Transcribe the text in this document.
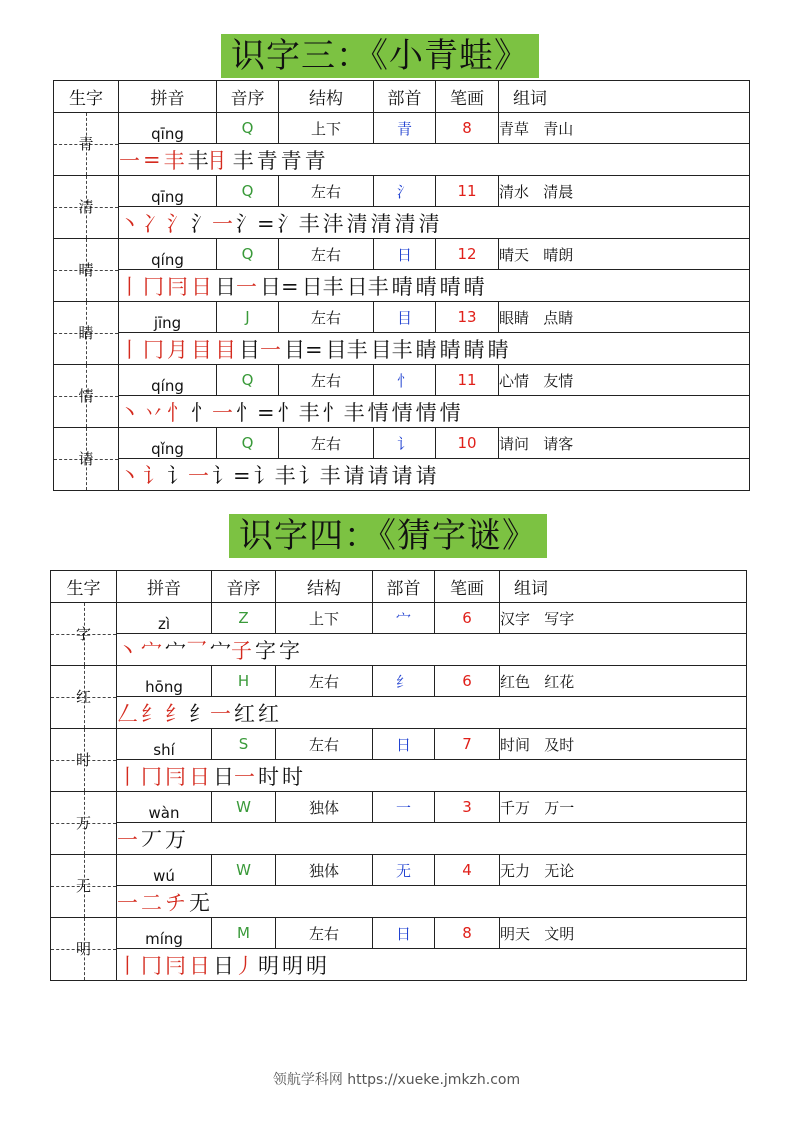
识字三：《小青蛙》
生字	拼音	音序	结构	部首	笔画	组词

青	qīng	Q	上下	青	8	青草   青山
	一 = 丰 丰⺝ 丰 青 青 青					

清	qīng	Q	左右	氵	11	清水   清晨
	丶 冫 氵 氵一 氵= 氵丰 沣 清 清 清 清					

晴	qíng	Q	左右	日	12	晴天   晴朗
	丨 冂 冃 日 日一 日= 日丰 日丰 晴 晴 晴 晴					

睛	jīng	J	左右	目	13	眼睛   点睛
	丨 冂 月 目 目 目一 目= 目丰 目丰 睛 睛 睛 睛					

情	qíng	Q	左右	忄	11	心情   友情
	丶 丷 忄 忄一 忄= 忄丰 忄丰 情 情 情 情					

请	qǐng	Q	左右	讠	10	请问   请客
	丶 讠 讠一 讠= 讠丰 讠丰 请 请 请 请					
识字四：《猜字谜》
生字	拼音	音序	结构	部首	笔画	组词

字	zì	Z	上下	宀	6	汉字   写字
	丶 宀 宀乛 宀子 字 字					

红	hōng	H	左右	纟	6	红色   红花
	𠃋 纟 纟 纟一 红 红					

时	shí	S	左右	日	7	时间   及时
	丨 冂 冃 日 日一 时 时					

万	wàn	W	独体	一	3	千万   万一
	一 丆 万					

无	wú	W	独体	无	4	无力   无论
	一 二 チ 无					

明	míng	M	左右	日	8	明天   文明
	丨 冂 冃 日 日丿 明 明 明					
领航学科网 https://xueke.jmkzh.com
